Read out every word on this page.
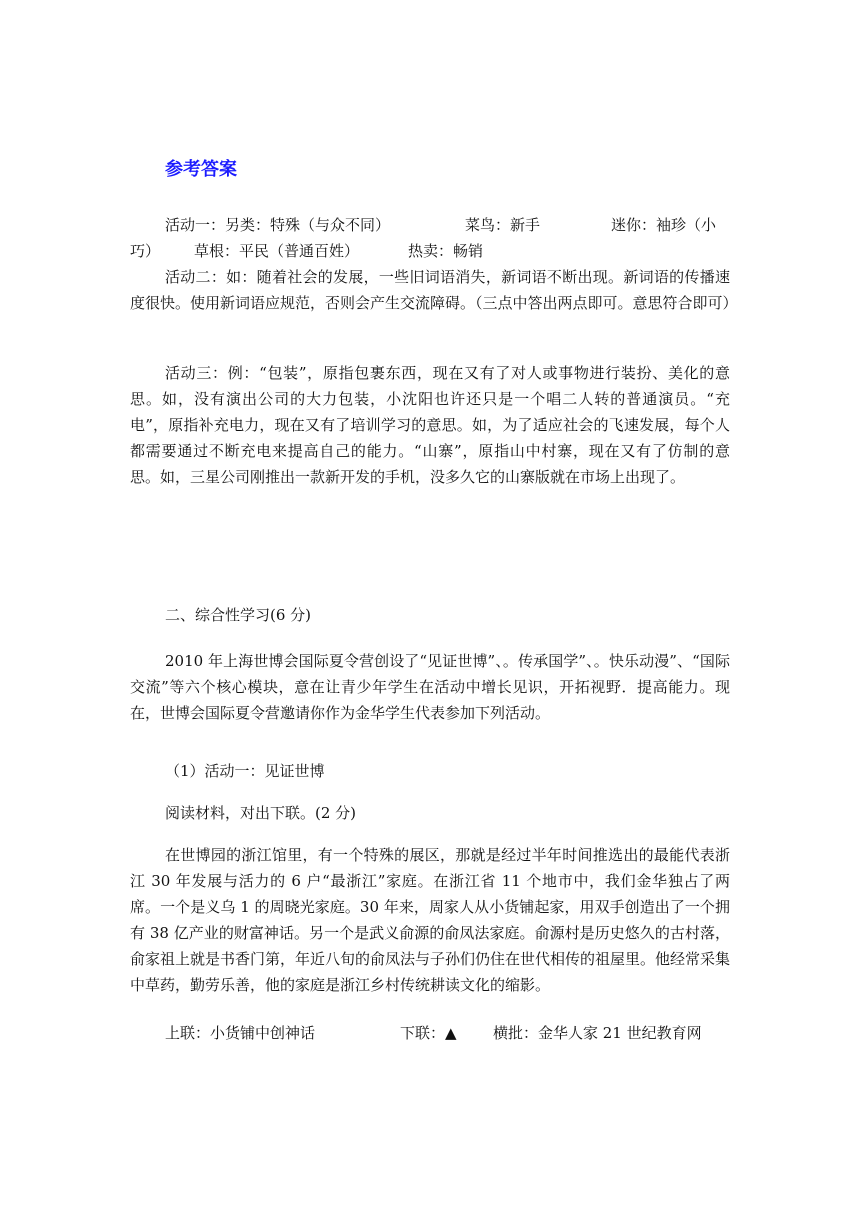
参考答案
活动一：另类：特殊（与众不同）	菜鸟：新手	迷你：袖珍（小
巧） 草根：平民（普通百姓）	热卖：畅销

活动二：如：随着社会的发展，一些旧词语消失，新词语不断出现。新词语的传播速度很快。使用新词语应规范，否则会产生交流障碍。（三点中答出两点即可。意思符合即可）

活动三：例：“包装”，原指包裹东西，现在又有了对人或事物进行装扮、美化的意思。如，没有演出公司的大力包装，小沈阳也许还只是一个唱二人转的普通演员。“充电”，原指补充电力，现在又有了培训学习的意思。如，为了适应社会的飞速发展，每个人都需要通过不断充电来提高自己的能力。“山寨”，原指山中村寨，现在又有了仿制的意思。如，三星公司刚推出一款新开发的手机，没多久它的山寨版就在市场上出现了。

二、综合性学习(6 分)

2010 年上海世博会国际夏令营创设了“见证世博”、。传承国学”、。快乐动漫”、“国际交流”等六个核心模块，意在让青少年学生在活动中增长见识，开拓视野．提高能力。现在，世博会国际夏令营邀请你作为金华学生代表参加下列活动。

（1）活动一：见证世博
阅读材料，对出下联。(2 分)

在世博园的浙江馆里，有一个特殊的展区，那就是经过半年时间推选出的最能代表浙江 30 年发展与活力的 6 户“最浙江”家庭。在浙江省 11 个地市中，我们金华独占了两席。一个是义乌 1 的周晓光家庭。30 年来，周家人从小货铺起家，用双手创造出了一个拥有 38 亿产业的财富神话。另一个是武义俞源的俞凤法家庭。俞源村是历史悠久的古村落，俞家祖上就是书香门第，年近八旬的俞凤法与子孙们仍住在世代相传的祖屋里。他经常采集中草药，勤劳乐善，他的家庭是浙江乡村传统耕读文化的缩影。

上联：小货铺中创神话	下联：▲ 横批：金华人家 21 世纪教育网
